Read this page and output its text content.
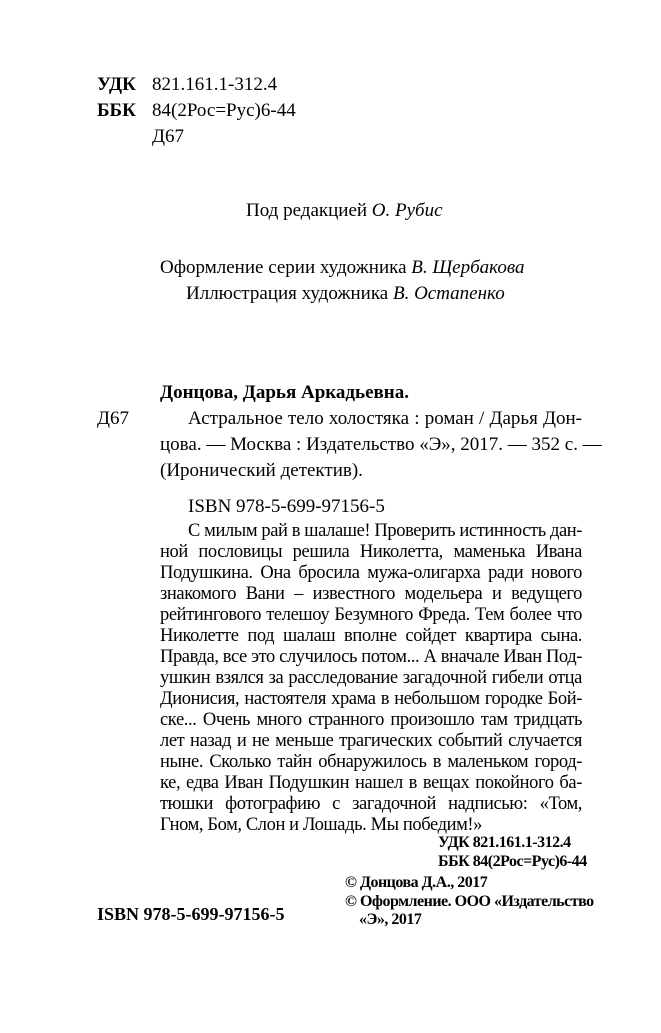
УДК 821.161.1-312.4
ББК 84(2Рос=Рус)6-44
Д67
Под редакцией О. Рубис
Оформление серии художника В. Щербакова
Иллюстрация художника В. Остапенко
Донцова, Дарья Аркадьевна.
Д67	Астральное тело холостяка : роман / Дарья Дон-
цова. — Москва : Издательство «Э», 2017. — 352 с. —
(Иронический детектив).
ISBN 978-5-699-97156-5
С милым рай в шалаше! Проверить истинность дан-
ной пословицы решила Николетта, маменька Ивана
Подушкина. Она бросила мужа-олигарха ради нового
знакомого Вани – известного модельера и ведущего
рейтингового телешоу Безумного Фреда. Тем более что
Николетте под шалаш вполне сойдет квартира сына.
Правда, все это случилось потом... А вначале Иван Под-
ушкин взялся за расследование загадочной гибели отца
Дионисия, настоятеля храма в небольшом городке Бой-
ске... Очень много странного произошло там тридцать
лет назад и не меньше трагических событий случается
ныне. Сколько тайн обнаружилось в маленьком город-
ке, едва Иван Подушкин нашел в вещах покойного ба-
тюшки фотографию с загадочной надписью: «Том,
Гном, Бом, Слон и Лошадь. Мы победим!»
УДК 821.161.1-312.4
ББК 84(2Рос=Рус)6-44
© Донцова Д.А., 2017
© Оформление. ООО «Издательство
«Э», 2017
ISBN 978-5-699-97156-5
